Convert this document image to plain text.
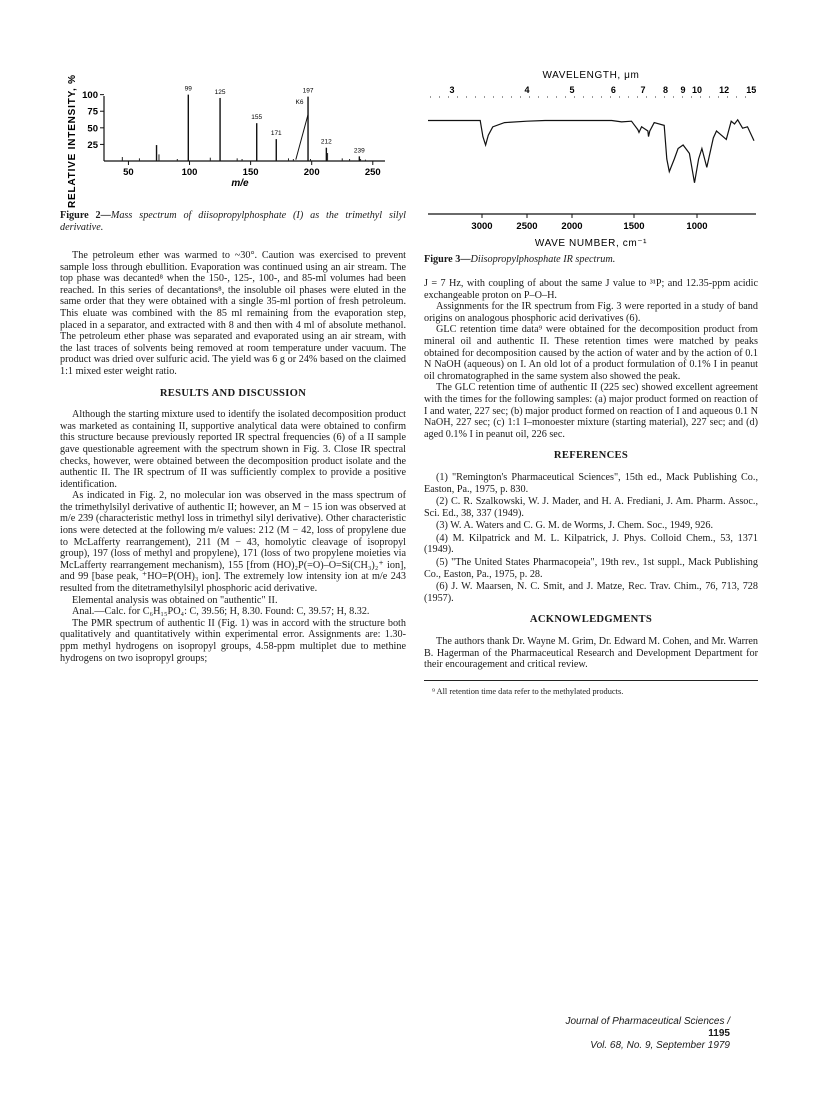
RELATIVE INTENSITY, % 100
75
50
25
50	100	150	200	250
99	125
155
171
197
K6
212
239
m/e
Figure 2—Mass spectrum of diisopropylphosphate (I) as the trimethyl silyl derivative.
WAVELENGTH, μm
3	4	5	6	7 8 9 10 12 15
3000	2500	2000	1500	1000
WAVE NUMBER, cm⁻¹
Figure 3—Diisopropylphosphate IR spectrum.

The petroleum ether was warmed to ~30°. Caution was exercised to prevent sample loss through ebullition. Evaporation was continued using an air stream. The top phase was decanted⁸ when the 150-, 125-, 100-, and 85-ml volumes had been reached. In this series of decantations⁸, the insoluble oil phases were eluted in the same order that they were obtained with a single 35-ml portion of fresh petroleum. This eluate was combined with the 85 ml remaining from the evaporation step, placed in a separator, and extracted with 8 and then with 4 ml of absolute methanol. The petroleum ether phase was separated and evaporated using an air stream, with the last traces of solvents being removed at room temperature under vacuum. The product was dried over sulfuric acid. The yield was 6 g or 24% based on the claimed 1:1 mixed ester weight ratio.

RESULTS AND DISCUSSION

Although the starting mixture used to identify the isolated decomposition product was marketed as containing II, supportive analytical data were obtained to confirm this structure because previously reported IR spectral frequencies (6) of a II sample gave questionable agreement with the spectrum shown in Fig. 3. Close IR spectral checks, however, were obtained between the decomposition product isolate and the authentic II. The IR spectrum of II was sufficiently complex to provide a positive identification.

As indicated in Fig. 2, no molecular ion was observed in the mass spectrum of the trimethylsilyl derivative of authentic II; however, an M − 15 ion was observed at m/e 239 (characteristic methyl loss in trimethyl silyl derivative). Other characteristic ions were detected at the following m/e values: 212 (M − 42, loss of propylene due to McLafferty rearrangement), 211 (M − 43, homolytic cleavage of isopropyl group), 197 (loss of methyl and propylene), 171 (loss of two propylene moieties via McLafferty rearrangement mechanism), 155 [from (HO)₂P(=O)–O=Si(CH₃)₂⁺ ion], and 99 [base peak, ⁺HO=P(OH)₃ ion]. The extremely low intensity ion at m/e 243 resulted from the ditetramethylsilyl phosphoric acid derivative.

Elemental analysis was obtained on "authentic" II.

Anal.—Calc. for C₆H₁₅PO₄: C, 39.56; H, 8.30. Found: C, 39.57; H, 8.32.

The PMR spectrum of authentic II (Fig. 1) was in accord with the structure both qualitatively and quantitatively within experimental error. Assignments are: 1.30-ppm methyl hydrogens on isopropyl groups, 4.58-ppm multiplet due to methine hydrogens on two isopropyl groups;

J = 7 Hz, with coupling of about the same J value to ³¹P; and 12.35-ppm acidic exchangeable proton on P–O–H.

Assignments for the IR spectrum from Fig. 3 were reported in a study of band origins on analogous phosphoric acid derivatives (6).

GLC retention time data⁹ were obtained for the decomposition product from mineral oil and authentic II. These retention times were matched by peaks obtained for decomposition caused by the action of water and by the action of 0.1 N NaOH (aqueous) on I. An old lot of a product formulation of 0.1% I in peanut oil chromatographed in the same system also showed the peak.

The GLC retention time of authentic II (225 sec) showed excellent agreement with the times for the following samples: (a) major product formed on reaction of I and water, 227 sec; (b) major product formed on reaction of I and aqueous 0.1 N NaOH, 227 sec; (c) 1:1 I–monoester mixture (starting material), 227 sec; and (d) aged 0.1% I in peanut oil, 226 sec.

REFERENCES
(1) "Remington's Pharmaceutical Sciences", 15th ed., Mack Publishing Co., Easton, Pa., 1975, p. 830.
(2) C. R. Szalkowski, W. J. Mader, and H. A. Frediani, J. Am. Pharm. Assoc., Sci. Ed., 38, 337 (1949).
(3) W. A. Waters and C. G. M. de Worms, J. Chem. Soc., 1949, 926.
(4) M. Kilpatrick and M. L. Kilpatrick, J. Phys. Colloid Chem., 53, 1371 (1949).
(5) "The United States Pharmacopeia", 19th rev., 1st suppl., Mack Publishing Co., Easton, Pa., 1975, p. 28.
(6) J. W. Maarsen, N. C. Smit, and J. Matze, Rec. Trav. Chim., 76, 713, 728 (1957).
ACKNOWLEDGMENTS

The authors thank Dr. Wayne M. Grim, Dr. Edward M. Cohen, and Mr. Warren B. Hagerman of the Pharmaceutical Research and Development Department for their encouragement and critical review.

⁹ All retention time data refer to the methylated products.
Journal of Pharmaceutical Sciences / 1195
Vol. 68, No. 9, September 1979
